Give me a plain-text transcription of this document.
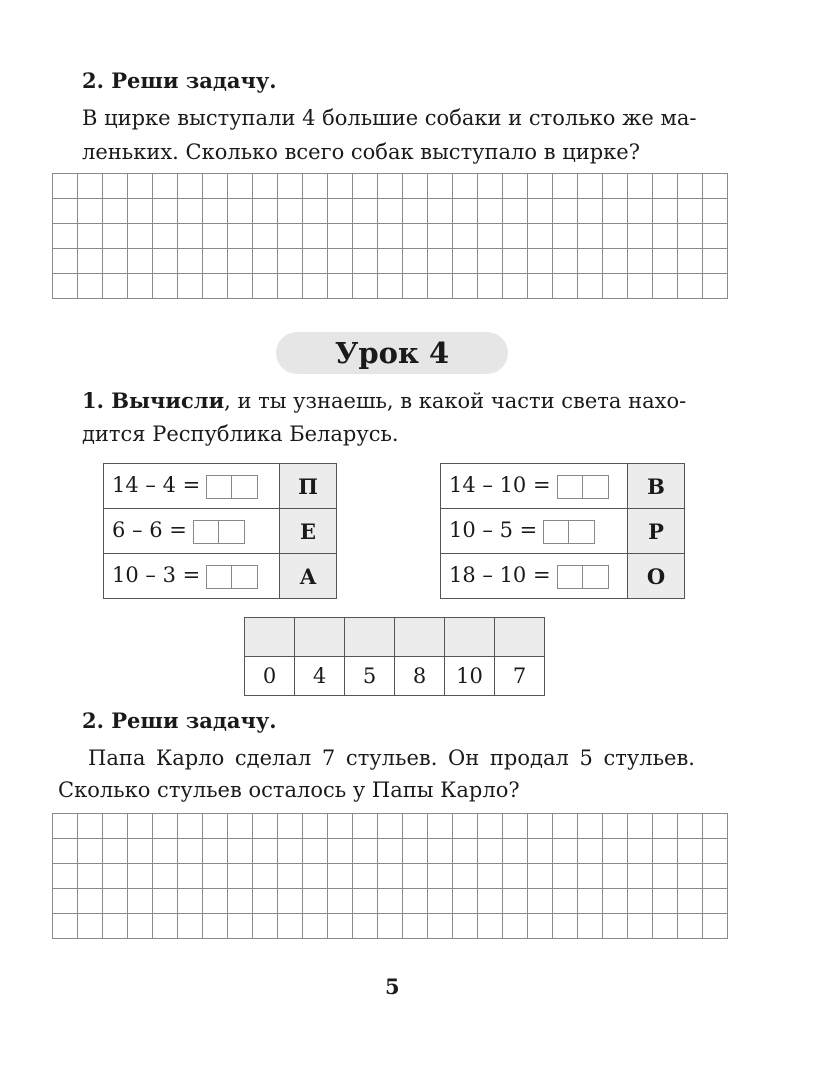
2. Реши задачу.
В цирке выступали 4 большие собаки и столько же ма-
леньких. Сколько всего собак выступало в цирке?

Урок 4
1. Вычисли, и ты узнаешь, в какой части света нахо-
дится Республика Беларусь.
14 – 4 =	П
6 – 6 =	Е
10 – 3 =	А
14 – 10 =	В
10 – 5 =	Р
18 – 10 =	О

0	4	5	8	10	7
2. Реши задачу.
Папа Карло сделал 7 стульев. Он продал 5 стульев.
Сколько стульев осталось у Папы Карло?

5
